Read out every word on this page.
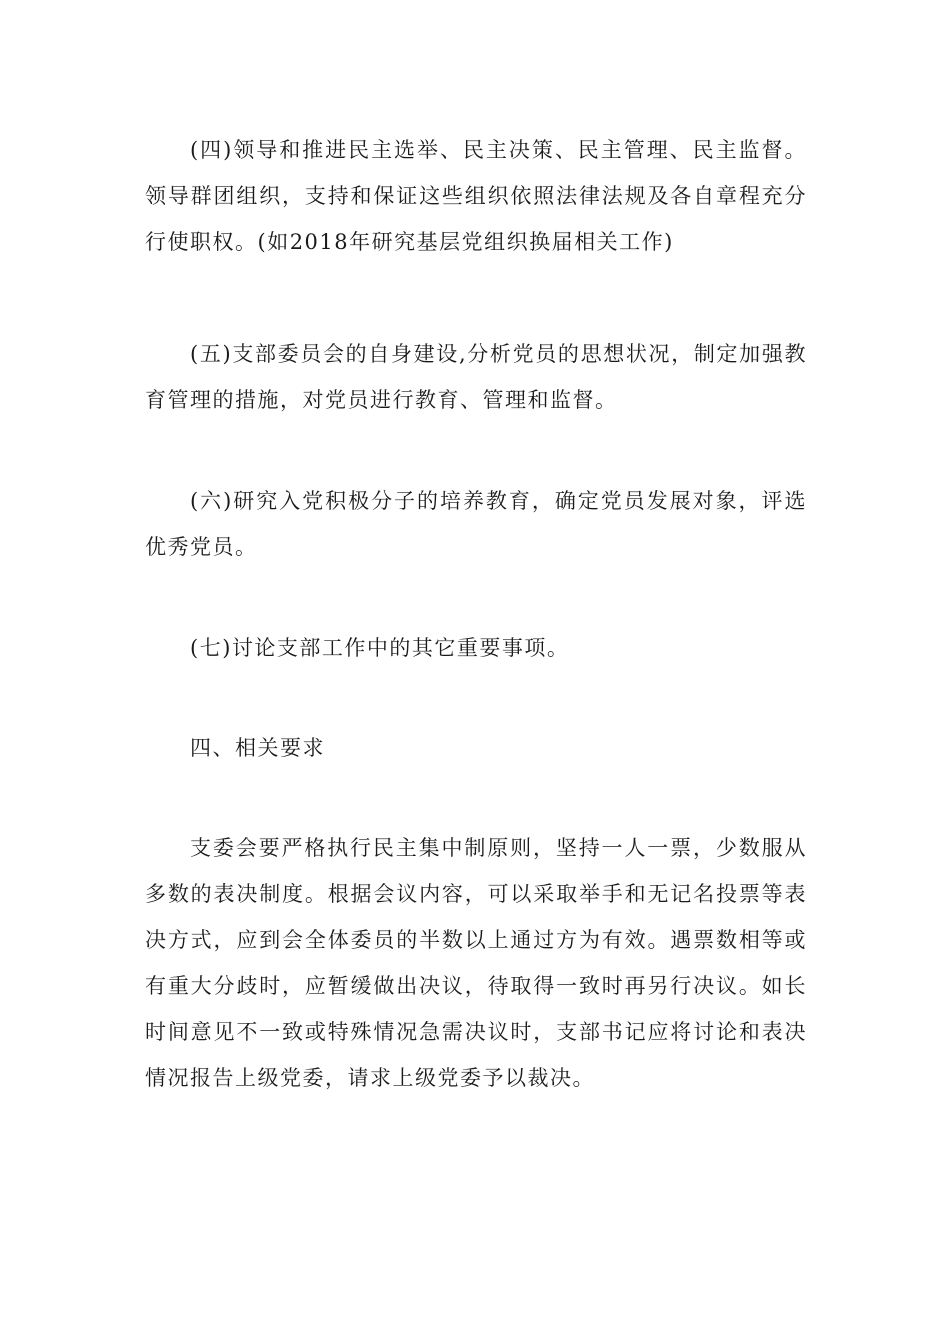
(四)领导和推进民主选举、民主决策、民主管理、民主监督。领导群团组织，支持和保证这些组织依照法律法规及各自章程充分行使职权。(如2018年研究基层党组织换届相关工作)

(五)支部委员会的自身建设,分析党员的思想状况，制定加强教育管理的措施，对党员进行教育、管理和监督。

(六)研究入党积极分子的培养教育，确定党员发展对象，评选优秀党员。

(七)讨论支部工作中的其它重要事项。

四、相关要求

支委会要严格执行民主集中制原则，坚持一人一票，少数服从多数的表决制度。根据会议内容，可以采取举手和无记名投票等表决方式，应到会全体委员的半数以上通过方为有效。遇票数相等或有重大分歧时，应暂缓做出决议，待取得一致时再另行决议。如长时间意见不一致或特殊情况急需决议时，支部书记应将讨论和表决情况报告上级党委，请求上级党委予以裁决。
